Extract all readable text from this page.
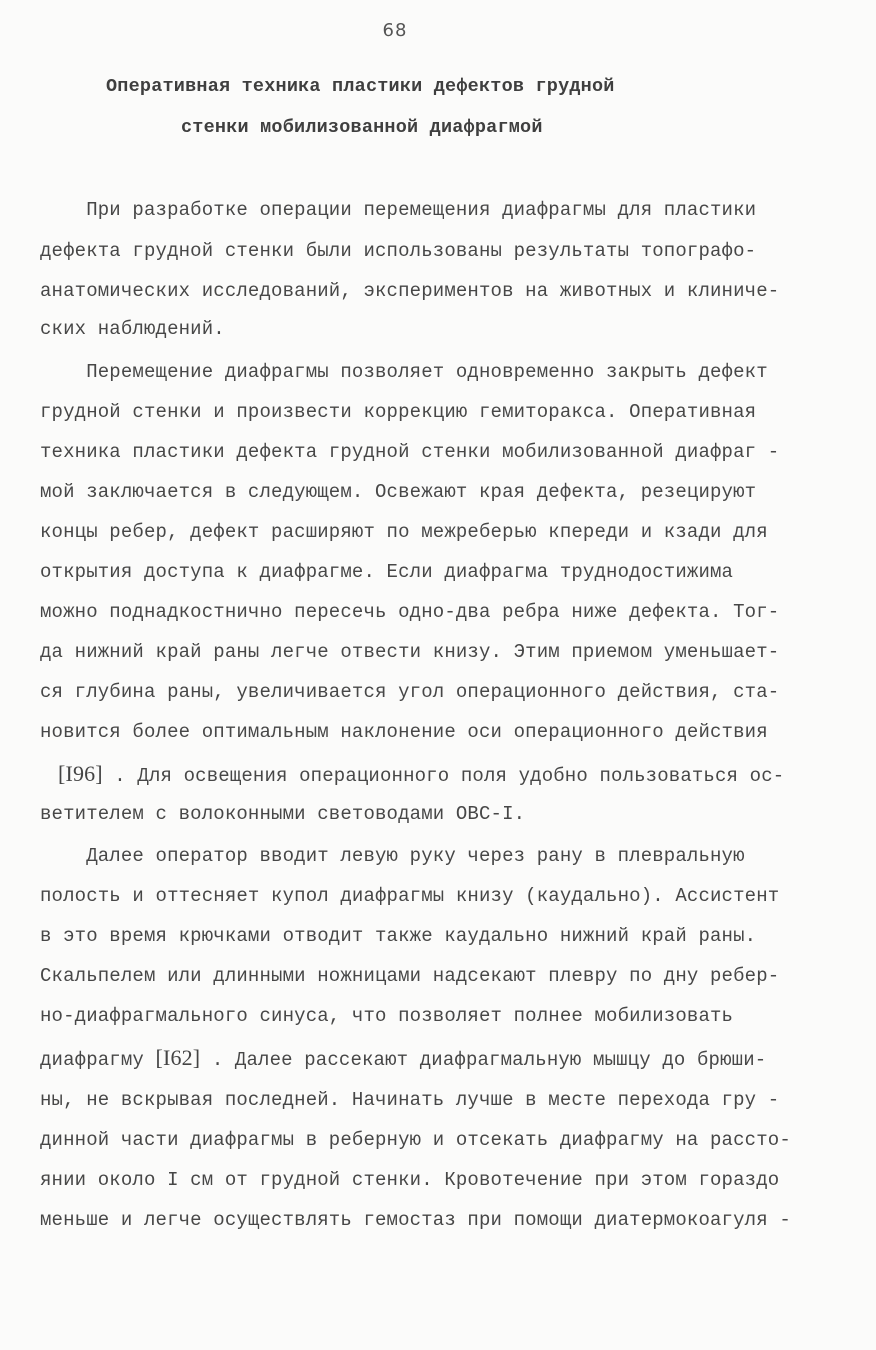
68
Оперативная техника пластики дефектов грудной
стенки мобилизованной диафрагмой
При разработке операции перемещения диафрагмы для пластики
дефекта грудной стенки были использованы результаты топографо-
анатомических исследований, экспериментов на животных и клиниче-
ских наблюдений.
Перемещение диафрагмы позволяет одновременно закрыть дефект
грудной стенки и произвести коррекцию гемиторакса. Оперативная
техника пластики дефекта грудной стенки мобилизованной диафраг -
мой заключается в следующем. Освежают края дефекта, резецируют
концы ребер, дефект расширяют по межреберью кпереди и кзади для
открытия доступа к диафрагме. Если диафрагма труднодостижима
можно поднадкостнично пересечь одно-два ребра ниже дефекта. Тог-
да нижний край раны легче отвести книзу. Этим приемом уменьшает-
ся глубина раны, увеличивается угол операционного действия, ста-
новится более оптимальным наклонение оси операционного действия
[I96] . Для освещения операционного поля удобно пользоваться ос-
ветителем с волоконными световодами ОВС-I.
Далее оператор вводит левую руку через рану в плевральную
полость и оттесняет купол диафрагмы книзу (каудально). Ассистент
в это время крючками отводит также каудально нижний край раны.
Скальпелем или длинными ножницами надсекают плевру по дну ребер-
но-диафрагмального синуса, что позволяет полнее мобилизовать
диафрагму [I62] . Далее рассекают диафрагмальную мышцу до брюши-
ны, не вскрывая последней. Начинать лучше в месте перехода гру -
динной части диафрагмы в реберную и отсекать диафрагму на рассто-
янии около I см от грудной стенки. Кровотечение при этом гораздо
меньше и легче осуществлять гемостаз при помощи диатермокоагуля -
